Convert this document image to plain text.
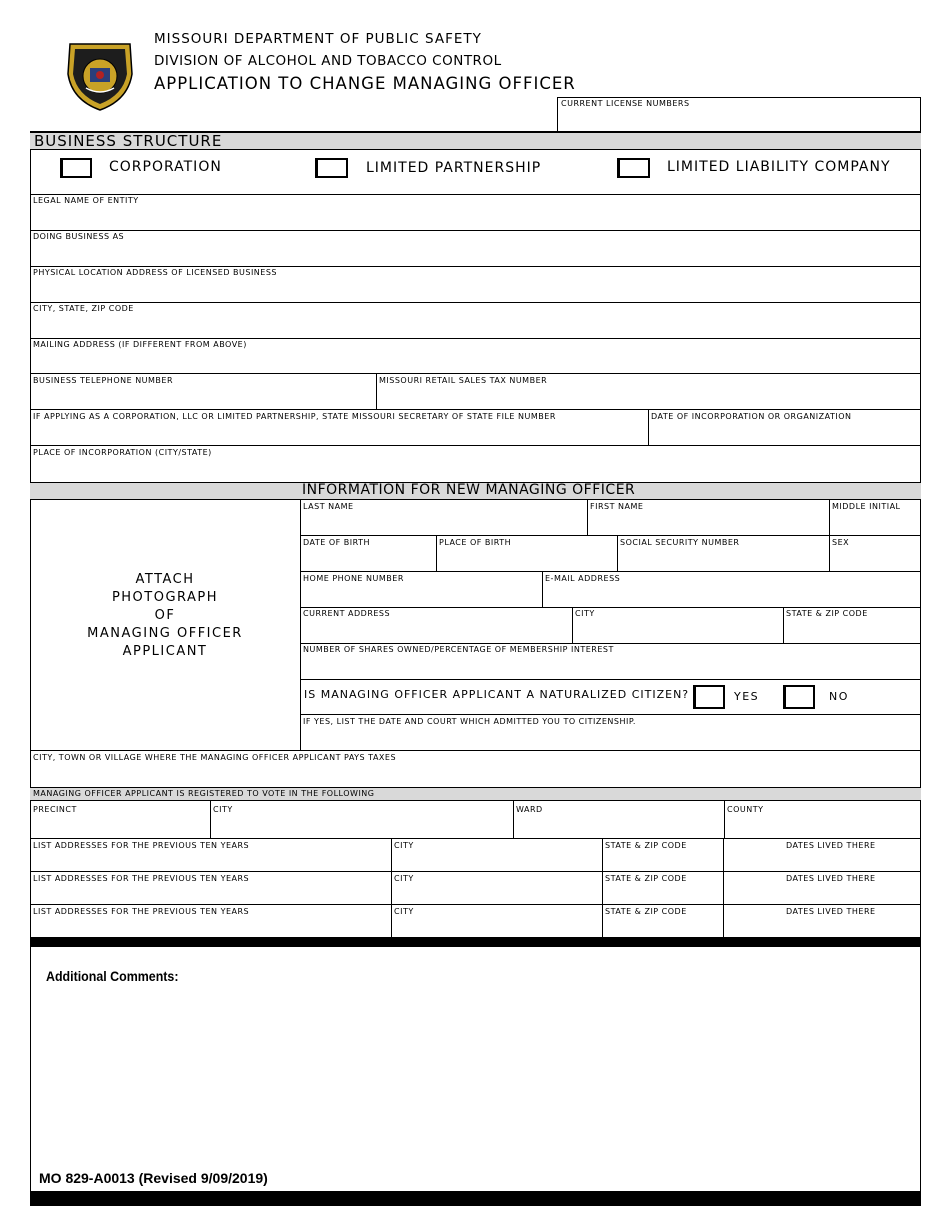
MISSOURI DEPARTMENT OF PUBLIC SAFETY
DIVISION OF ALCOHOL AND TOBACCO CONTROL
APPLICATION TO CHANGE MANAGING OFFICER
CURRENT LICENSE NUMBERS
BUSINESS STRUCTURE
CORPORATION	LIMITED PARTNERSHIP	LIMITED LIABILITY COMPANY
LEGAL NAME OF ENTITY
DOING BUSINESS AS
PHYSICAL LOCATION ADDRESS OF LICENSED BUSINESS
CITY, STATE, ZIP CODE
MAILING ADDRESS (IF DIFFERENT FROM ABOVE)
BUSINESS TELEPHONE NUMBER	MISSOURI RETAIL SALES TAX NUMBER
IF APPLYING AS A CORPORATION, LLC OR LIMITED PARTNERSHIP, STATE MISSOURI SECRETARY OF STATE FILE NUMBER	DATE OF INCORPORATION OR ORGANIZATION
PLACE OF INCORPORATION (CITY/STATE)
INFORMATION FOR NEW MANAGING OFFICER
ATTACH
PHOTOGRAPH
OF
MANAGING OFFICER
APPLICANT
LAST NAME	FIRST NAME	MIDDLE INITIAL
DATE OF BIRTH	PLACE OF BIRTH	SOCIAL SECURITY NUMBER	SEX
HOME PHONE NUMBER	E-MAIL ADDRESS
CURRENT ADDRESS	CITY	STATE & ZIP CODE
NUMBER OF SHARES OWNED/PERCENTAGE OF MEMBERSHIP INTEREST
IS MANAGING OFFICER APPLICANT A NATURALIZED CITIZEN?	YES	NO
IF YES, LIST THE DATE AND COURT WHICH ADMITTED YOU TO CITIZENSHIP.
CITY, TOWN OR VILLAGE WHERE THE MANAGING OFFICER APPLICANT PAYS TAXES
MANAGING OFFICER APPLICANT IS REGISTERED TO VOTE IN THE FOLLOWING
PRECINCT	CITY	WARD	COUNTY
LIST ADDRESSES FOR THE PREVIOUS TEN YEARS	CITY	STATE & ZIP CODE	DATES LIVED THERE
LIST ADDRESSES FOR THE PREVIOUS TEN YEARS	CITY	STATE & ZIP CODE	DATES LIVED THERE
LIST ADDRESSES FOR THE PREVIOUS TEN YEARS	CITY	STATE & ZIP CODE	DATES LIVED THERE
Additional Comments:
MO 829-A0013 (Revised 9/09/2019)
